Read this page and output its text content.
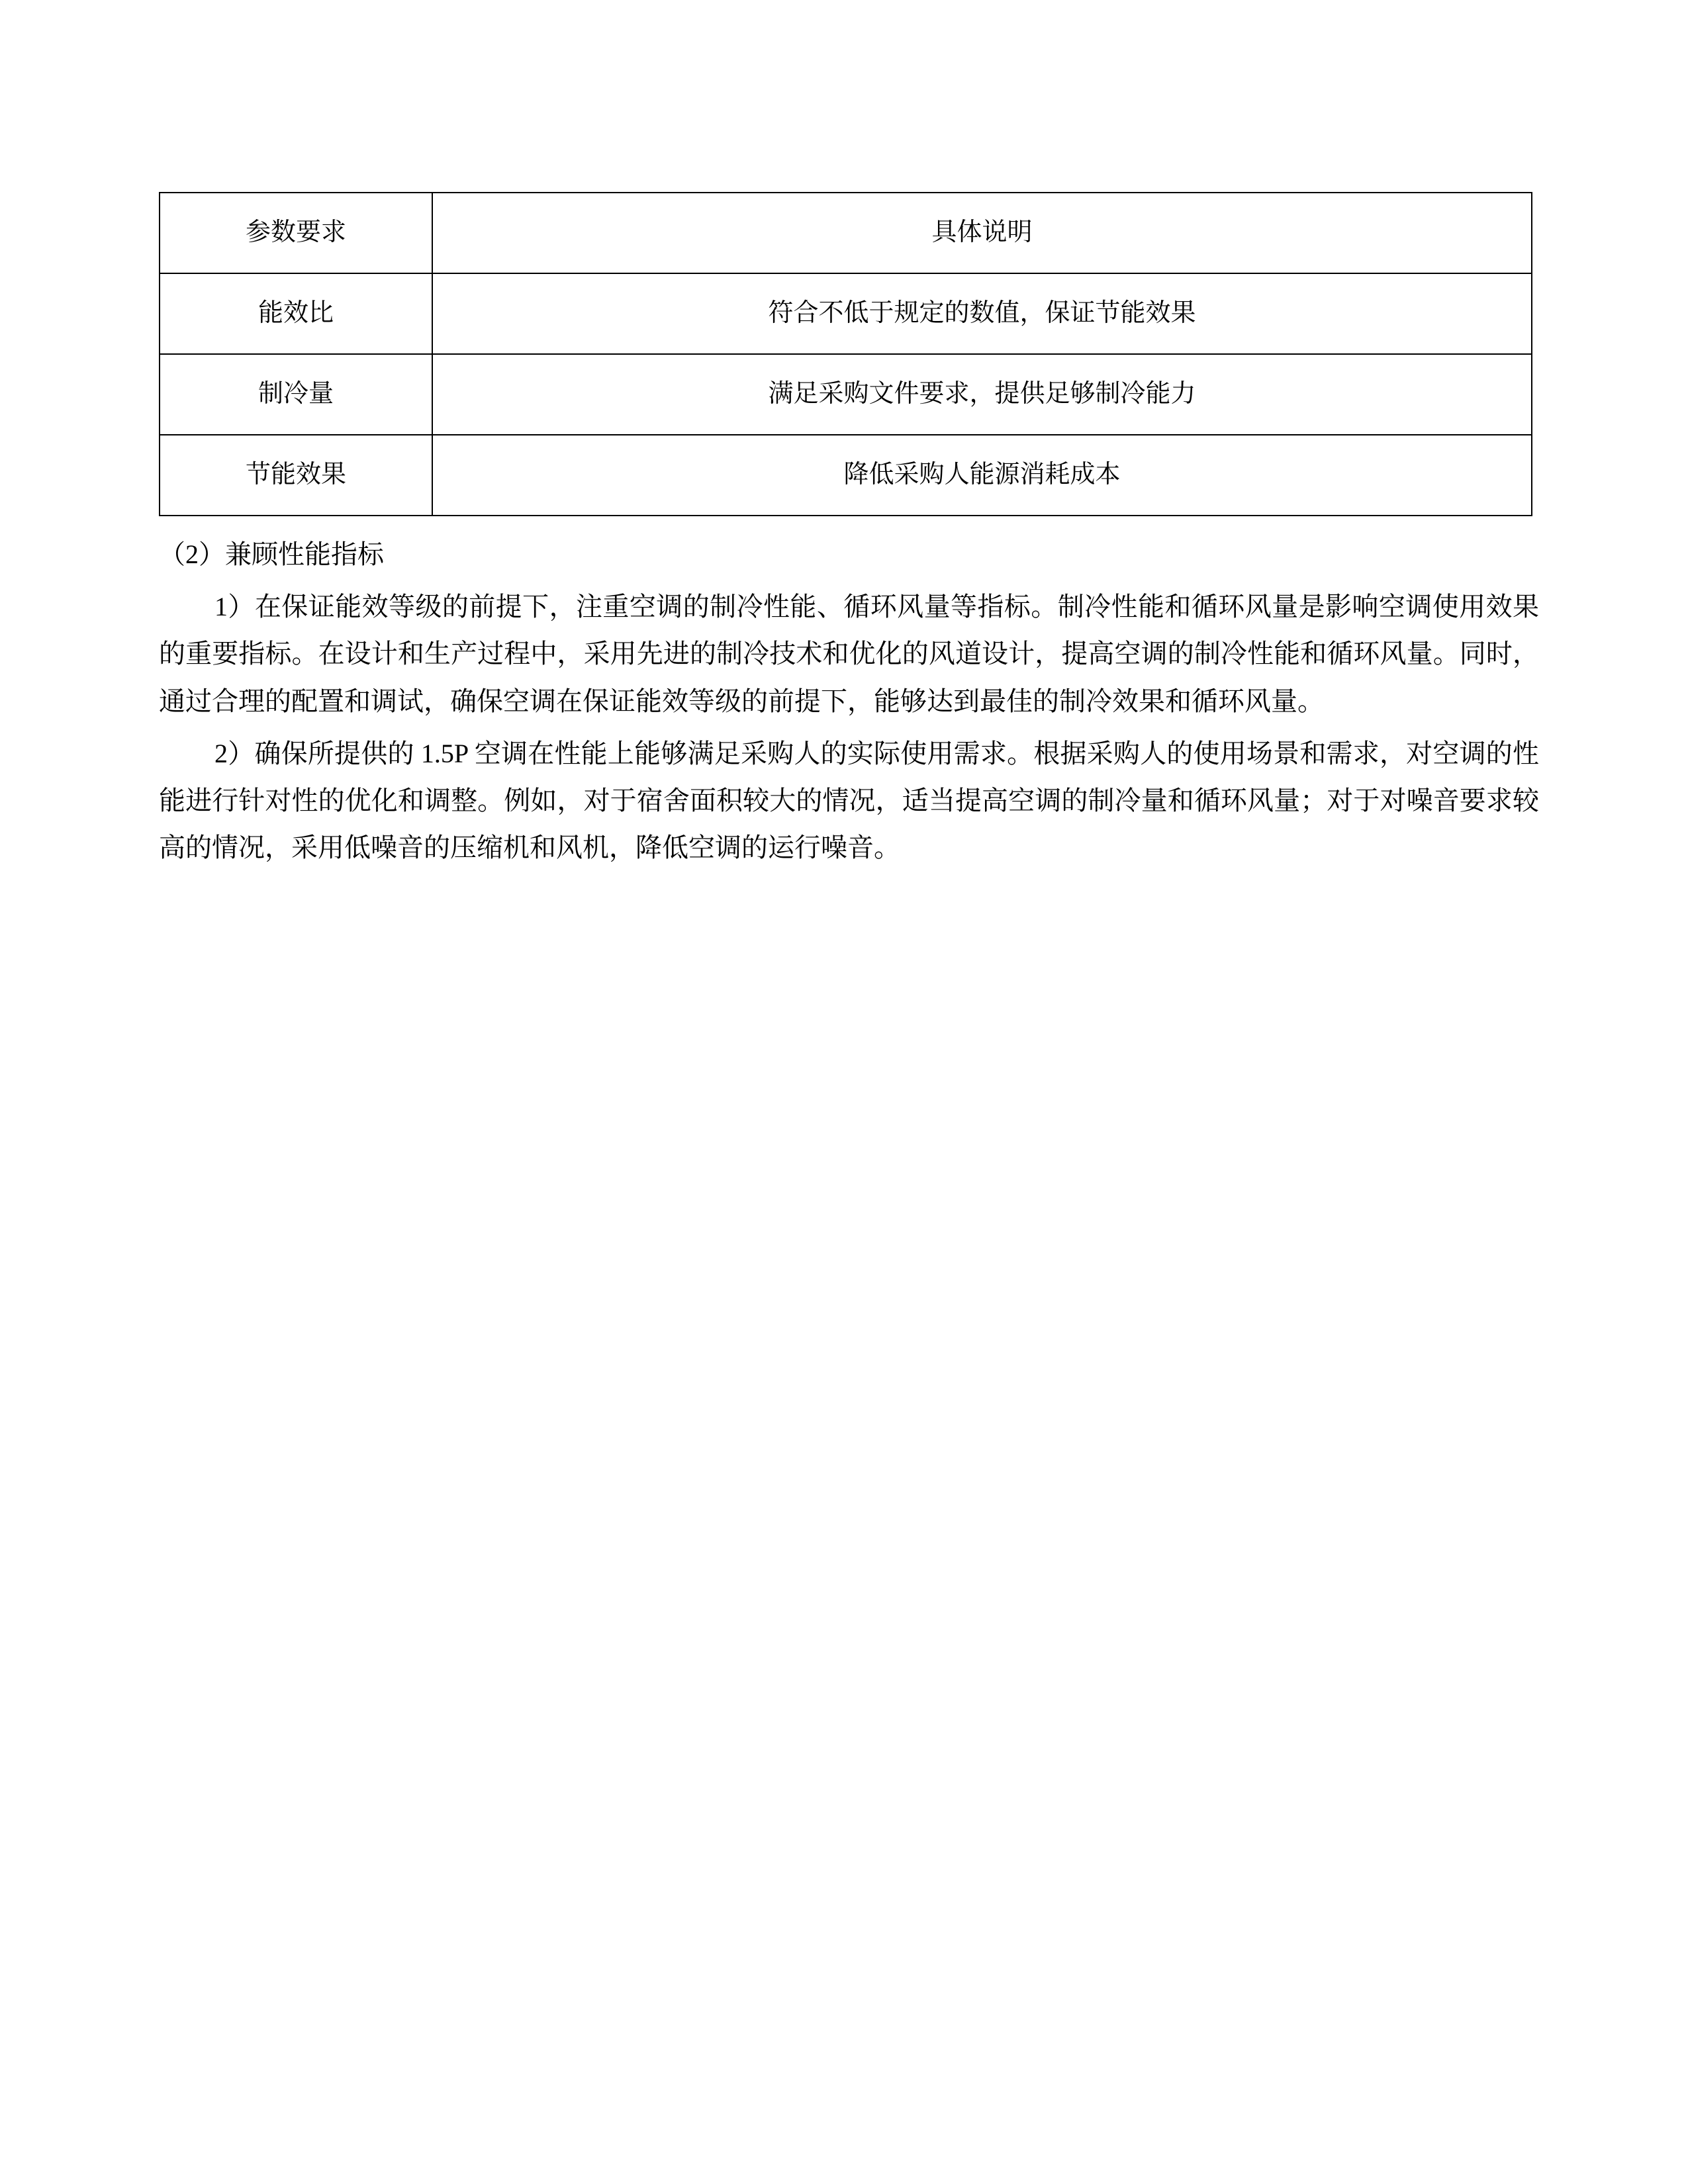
参数要求	具体说明
能效比	符合不低于规定的数值，保证节能效果
制冷量	满足采购文件要求，提供足够制冷能力
节能效果	降低采购人能源消耗成本

（2）兼顾性能指标

1）在保证能效等级的前提下，注重空调的制冷性能、循环风量等指标。制冷性能和循环风量是影响空调使用效果的重要指标。在设计和生产过程中，采用先进的制冷技术和优化的风道设计，提高空调的制冷性能和循环风量。同时，通过合理的配置和调试，确保空调在保证能效等级的前提下，能够达到最佳的制冷效果和循环风量。

2）确保所提供的 1.5P 空调在性能上能够满足采购人的实际使用需求。根据采购人的使用场景和需求，对空调的性能进行针对性的优化和调整。例如，对于宿舍面积较大的情况，适当提高空调的制冷量和循环风量；对于对噪音要求较高的情况，采用低噪音的压缩机和风机，降低空调的运行噪音。
